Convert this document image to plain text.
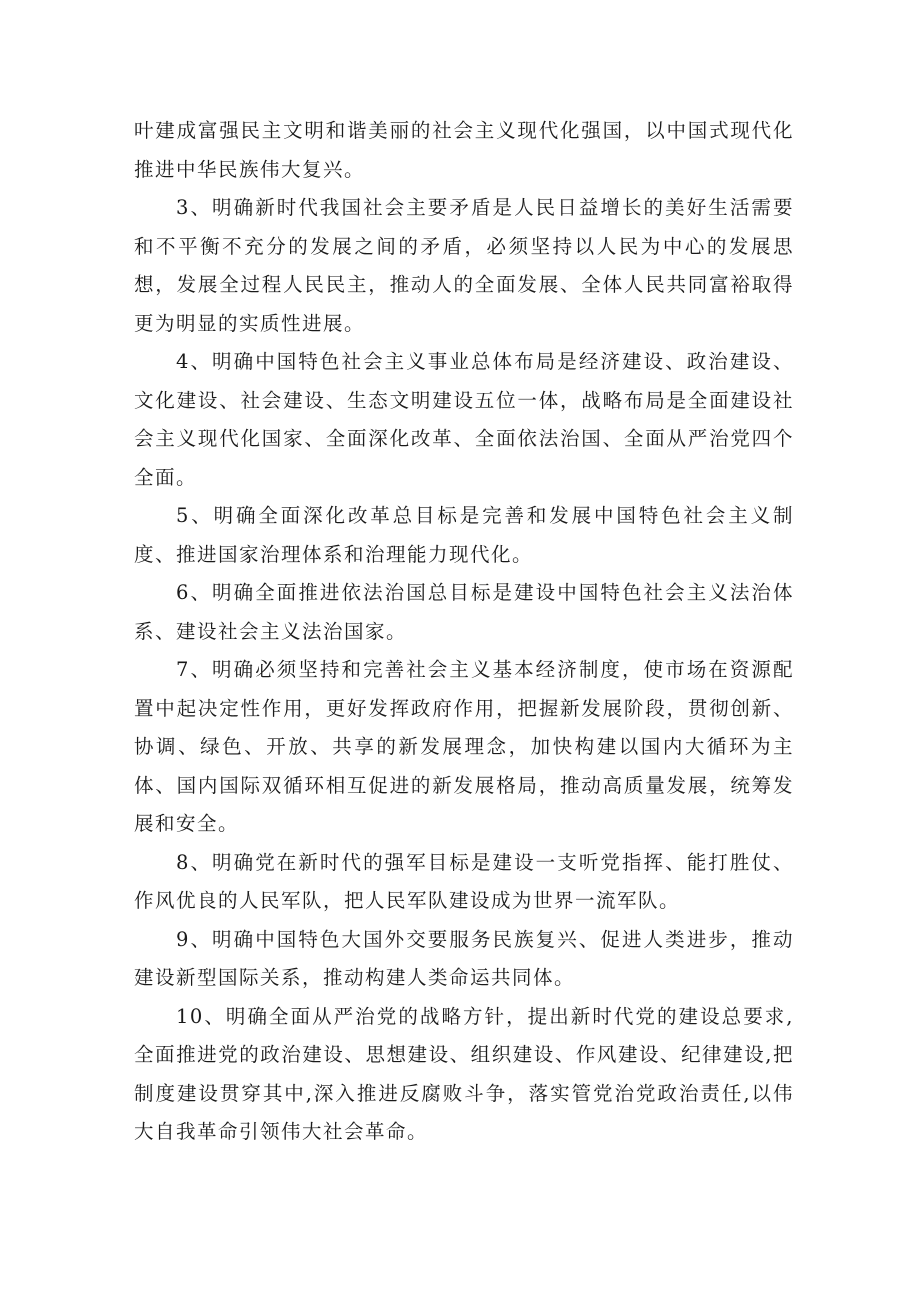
叶建成富强民主文明和谐美丽的社会主义现代化强国，以中国式现代化推进中华民族伟大复兴。

3、明确新时代我国社会主要矛盾是人民日益增长的美好生活需要和不平衡不充分的发展之间的矛盾，必须坚持以人民为中心的发展思想，发展全过程人民民主，推动人的全面发展、全体人民共同富裕取得更为明显的实质性进展。

4、明确中国特色社会主义事业总体布局是经济建设、政治建设、文化建设、社会建设、生态文明建设五位一体，战略布局是全面建设社会主义现代化国家、全面深化改革、全面依法治国、全面从严治党四个全面。

5、明确全面深化改革总目标是完善和发展中国特色社会主义制度、推进国家治理体系和治理能力现代化。

6、明确全面推进依法治国总目标是建设中国特色社会主义法治体系、建设社会主义法治国家。

7、明确必须坚持和完善社会主义基本经济制度，使市场在资源配置中起决定性作用，更好发挥政府作用，把握新发展阶段，贯彻创新、协调、绿色、开放、共享的新发展理念，加快构建以国内大循环为主体、国内国际双循环相互促进的新发展格局，推动高质量发展，统筹发展和安全。

8、明确党在新时代的强军目标是建设一支听党指挥、能打胜仗、作风优良的人民军队，把人民军队建设成为世界一流军队。

9、明确中国特色大国外交要服务民族复兴、促进人类进步，推动建设新型国际关系，推动构建人类命运共同体。

10、明确全面从严治党的战略方针，提出新时代党的建设总要求,全面推进党的政治建设、思想建设、组织建设、作风建设、纪律建设,把制度建设贯穿其中,深入推进反腐败斗争，落实管党治党政治责任,以伟大自我革命引领伟大社会革命。
